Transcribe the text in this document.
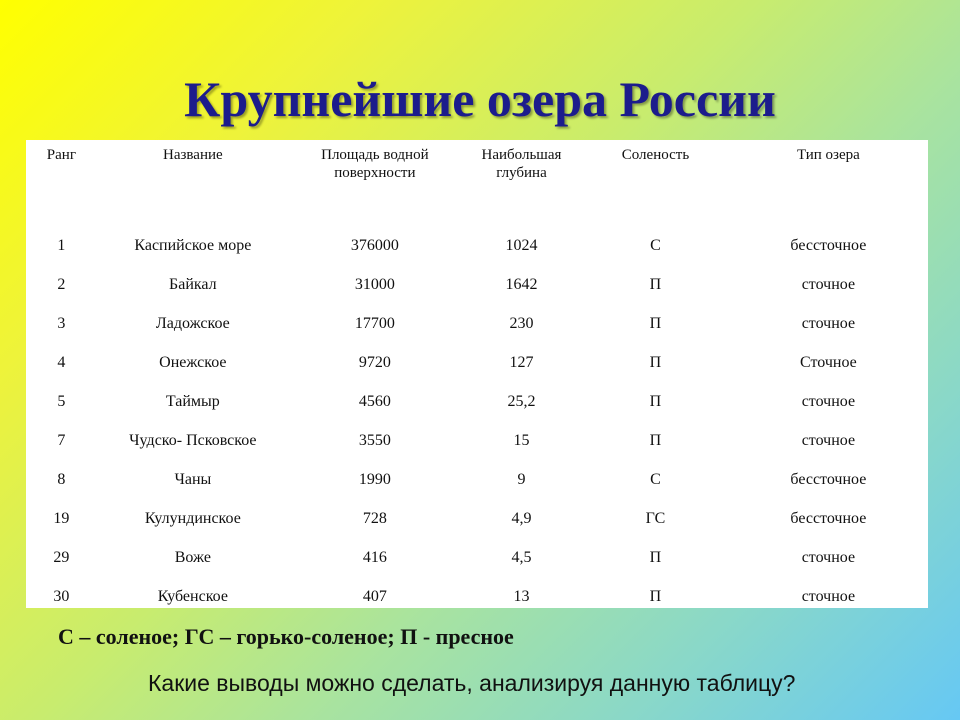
Крупнейшие озера России
Ранг	Название	Площадь водной поверхности	Наибольшая глубина	Соленость	Тип озера
1	Каспийское море	376000	1024	С	бессточное
2	Байкал	31000	1642	П	сточное
3	Ладожское	17700	230	П	сточное
4	Онежское	9720	127	П	Сточное
5	Таймыр	4560	25,2	П	сточное
7	Чудско- Псковское	3550	15	П	сточное
8	Чаны	1990	9	С	бессточное
19	Кулундинское	728	4,9	ГС	бессточное
29	Воже	416	4,5	П	сточное
30	Кубенское	407	13	П	сточное
С – соленое; ГС – горько-соленое; П - пресное
Какие выводы можно сделать, анализируя данную таблицу?
